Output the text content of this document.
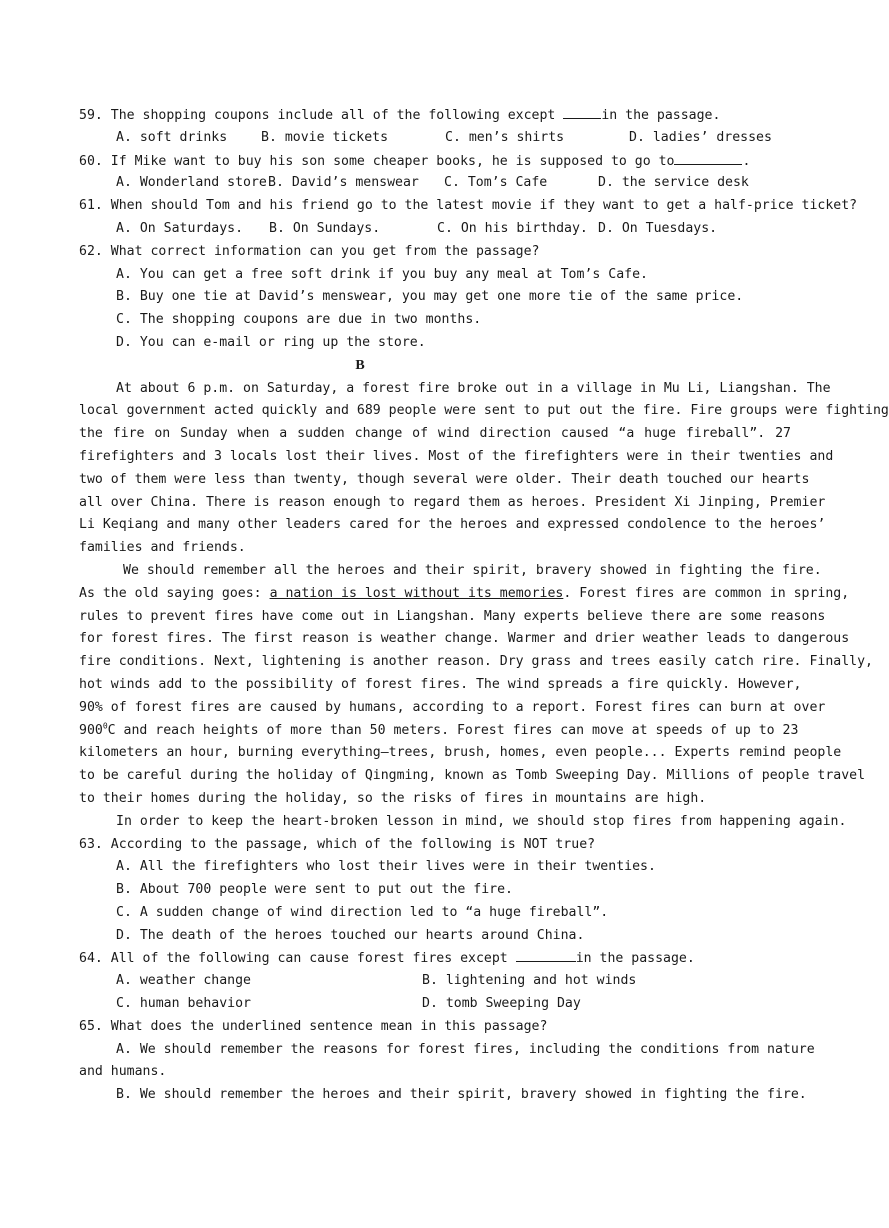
59. The shopping coupons include all of the following except	in the passage.
A. soft drinks	B. movie tickets	C. men’s shirts	D. ladies’ dresses
60. If Mike want to buy his son some cheaper books, he is supposed to go to	.
A. Wonderland store B. David’s menswear	C. Tom’s Cafe	D. the service desk
61. When should Tom and his friend go to the latest movie if they want to get a half-price ticket?
A. On Saturdays.	B. On Sundays.	C. On his birthday. D. On Tuesdays.
62. What correct information can you get from the passage?
A. You can get a free soft drink if you buy any meal at Tom’s Cafe.
B. Buy one tie at David’s menswear, you may get one more tie of the same price.
C. The shopping coupons are due in two months.
D. You can e-mail or ring up the store.
B
At about 6 p.m. on Saturday, a forest fire broke out in a village in Mu Li, Liangshan. The
local government acted quickly and 689 people were sent to put out the fire. Fire groups were fighting
the fire on Sunday when a sudden change of wind direction caused “a huge fireball”. 27
firefighters and 3 locals lost their lives. Most of the firefighters were in their twenties and
two of them were less than twenty, though several were older. Their death touched our hearts
all over China. There is reason enough to regard them as heroes. President Xi Jinping, Premier
Li Keqiang and many other leaders cared for the heroes and expressed condolence to the heroes’
families and friends.
We should remember all the heroes and their spirit, bravery showed in fighting the fire.
As the old saying goes: a nation is lost without its memories. Forest fires are common in spring,
rules to prevent fires have come out in Liangshan. Many experts believe there are some reasons
for forest fires. The first reason is weather change. Warmer and drier weather leads to dangerous
fire conditions. Next, lightening is another reason. Dry grass and trees easily catch rire. Finally,
hot winds add to the possibility of forest fires. The wind spreads a fire quickly. However,
90% of forest fires are caused by humans, according to a report. Forest fires can burn at over
$900^0C$ and reach heights of more than 50 meters. Forest fires can move at speeds of up to 23
kilometers an hour, burning everything—trees, brush, homes, even people... Experts remind people
to be careful during the holiday of Qingming, known as Tomb Sweeping Day. Millions of people travel
to their homes during the holiday, so the risks of fires in mountains are high.
In order to keep the heart-broken lesson in mind, we should stop fires from happening again.
63. According to the passage, which of the following is NOT true?
A. All the firefighters who lost their lives were in their twenties.
B. About 700 people were sent to put out the fire.
C. A sudden change of wind direction led to “a huge fireball”.
D. The death of the heroes touched our hearts around China.
64. All of the following can cause forest fires except	in the passage.
A. weather change	B. lightening and hot winds
C. human behavior	D. tomb Sweeping Day
65. What does the underlined sentence mean in this passage?
A. We should remember the reasons for forest fires, including the conditions from nature
and humans.
B. We should remember the heroes and their spirit, bravery showed in fighting the fire.
